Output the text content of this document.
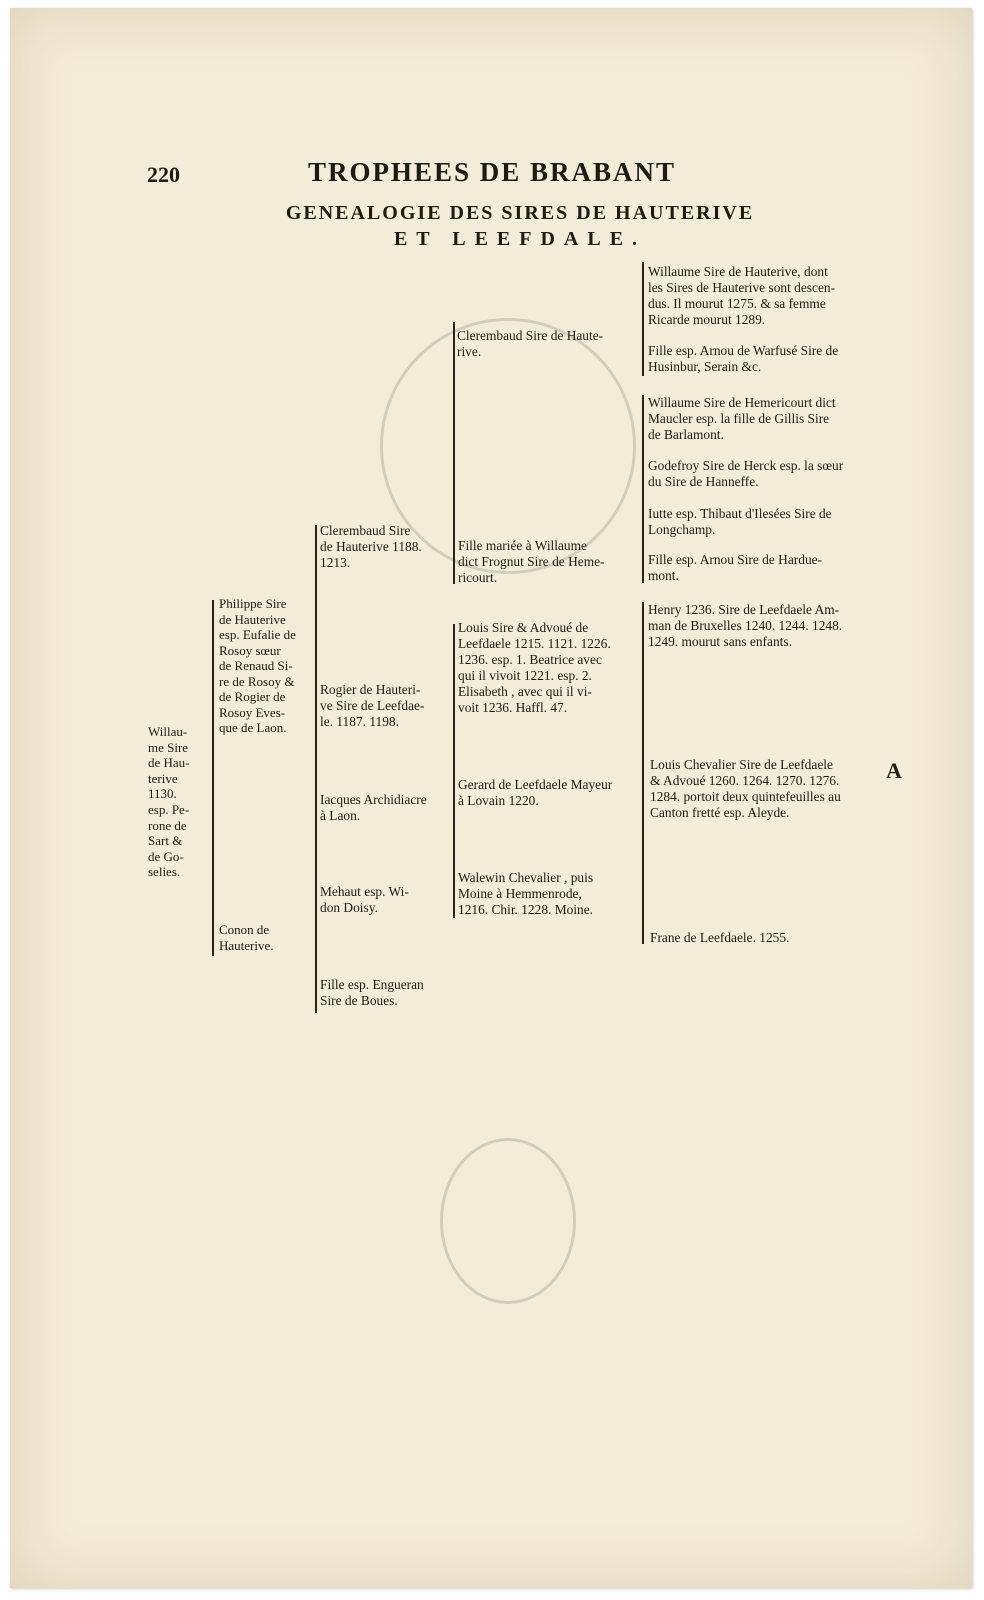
220	TROPHEES DE BRABANT
GENEALOGIE DES SIRES DE HAUTERIVE
ET LEEFDALE.
Willau-
me Sire
de Hau-
terive
1130.
esp. Pe-
rone de
Sart &
de Go-
selies.
Philippe Sire
de Hauterive
esp. Eufalie de
Rosoy sœur
de Renaud Si-
re de Rosoy &
de Rogier de
Rosoy Eves-
que de Laon.
Conon de
Hauterive.
Clerembaud Sire
de Hauterive 1188.
1213.
Rogier de Hauteri-
ve Sire de Leefdae-
le. 1187. 1198.
Iacques Archidiacre
à Laon.
Mehaut esp. Wi-
don Doisy.
Fille esp. Engueran
Sire de Boues.
Clerembaud Sire de Haute-
rive.
Fille mariée à Willaume
dict Frognut Sire de Heme-
ricourt.
Louis Sire & Advoué de
Leefdaele 1215. 1121. 1226.
1236. esp. 1. Beatrice avec
qui il vivoit 1221. esp. 2.
Elisabeth , avec qui il vi-
voit 1236. Haffl. 47.
Gerard de Leefdaele Mayeur
à Lovain 1220.
Walewin Chevalier , puis
Moine à Hemmenrode,
1216. Chir. 1228. Moine.
Willaume Sire de Hauterive, dont
les Sires de Hauterive sont descen-
dus. Il mourut 1275. & sa femme
Ricarde mourut 1289.
Fille esp. Arnou de Warfusé Sire de
Husinbur, Serain &c.
Willaume Sire de Hemericourt dict
Maucler esp. la fille de Gillis Sire
de Barlamont.
Godefroy Sire de Herck esp. la sœur
du Sire de Hanneffe.
Iutte esp. Thibaut d'Ilesées Sire de
Longchamp.
Fille esp. Arnou Sire de Hardue-
mont.
Henry 1236. Sire de Leefdaele Am-
man de Bruxelles 1240. 1244. 1248.
1249. mourut sans enfants.
Louis Chevalier Sire de Leefdaele
& Advoué 1260. 1264. 1270. 1276.
1284. portoit deux quintefeuilles au
Canton fretté esp. Aleyde.
Frane de Leefdaele. 1255.
A
